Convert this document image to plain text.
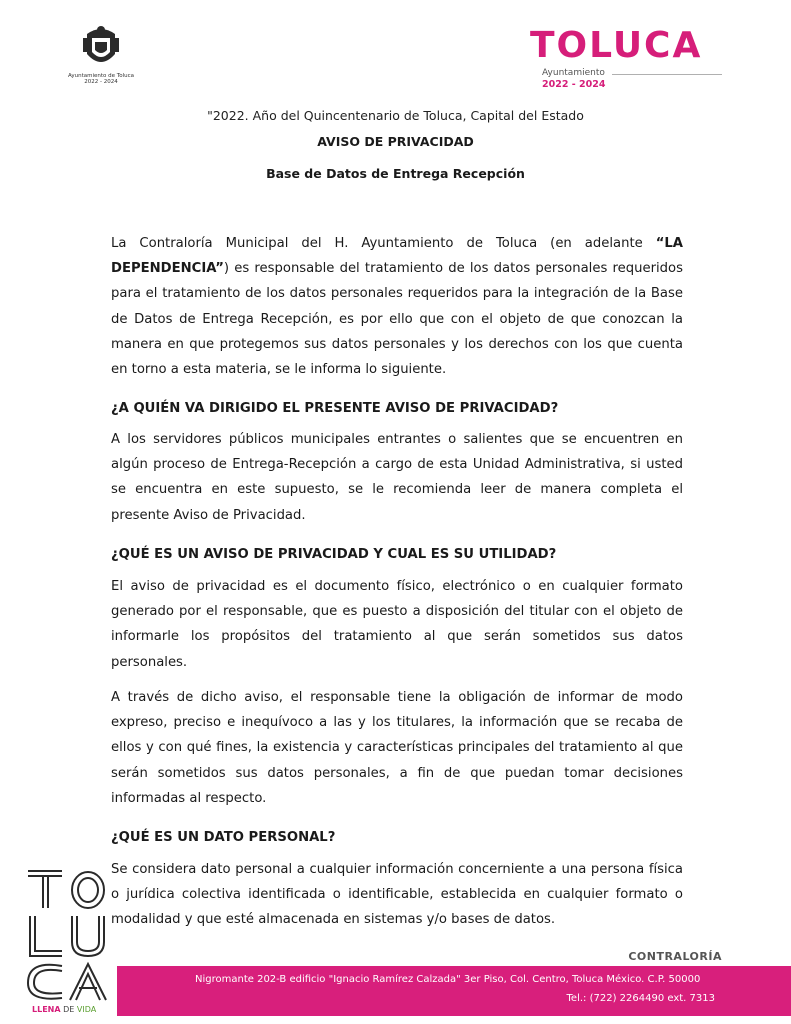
Ayuntamiento de Toluca
2022 - 2024
TOLUCA
Ayuntamiento
2022 - 2024
"2022. Año del Quincentenario de Toluca, Capital del Estado
AVISO DE PRIVACIDAD
Base de Datos de Entrega Recepción
La Contraloría Municipal del H. Ayuntamiento de Toluca (en adelante “LA DEPENDENCIA”) es responsable del tratamiento de los datos personales requeridos para el tratamiento de los datos personales requeridos para la integración de la Base de Datos de Entrega Recepción, es por ello que con el objeto de que conozcan la manera en que protegemos sus datos personales y los derechos con los que cuenta en torno a esta materia, se le informa lo siguiente.
¿A QUIÉN VA DIRIGIDO EL PRESENTE AVISO DE PRIVACIDAD?
A los servidores públicos municipales entrantes o salientes que se encuentren en algún proceso de Entrega-Recepción a cargo de esta Unidad Administrativa, si usted se encuentra en este supuesto, se le recomienda leer de manera completa el presente Aviso de Privacidad.
¿QUÉ ES UN AVISO DE PRIVACIDAD Y CUAL ES SU UTILIDAD?
El aviso de privacidad es el documento físico, electrónico o en cualquier formato generado por el responsable, que es puesto a disposición del titular con el objeto de informarle los propósitos del tratamiento al que serán sometidos sus datos personales.
A través de dicho aviso, el responsable tiene la obligación de informar de modo expreso, preciso e inequívoco a las y los titulares, la información que se recaba de ellos y con qué fines, la existencia y características principales del tratamiento al que serán sometidos sus datos personales, a fin de que puedan tomar decisiones informadas al respecto.
¿QUÉ ES UN DATO PERSONAL?
Se considera dato personal a cualquier información concerniente a una persona física o jurídica colectiva identificada o identificable, establecida en cualquier formato o modalidad y que esté almacenada en sistemas y/o bases de datos.
LLENA DE VIDA
CONTRALORÍA
Nigromante 202-B edificio "Ignacio Ramírez Calzada" 3er Piso, Col. Centro, Toluca México. C.P. 50000
Tel.: (722) 2264490 ext. 7313
